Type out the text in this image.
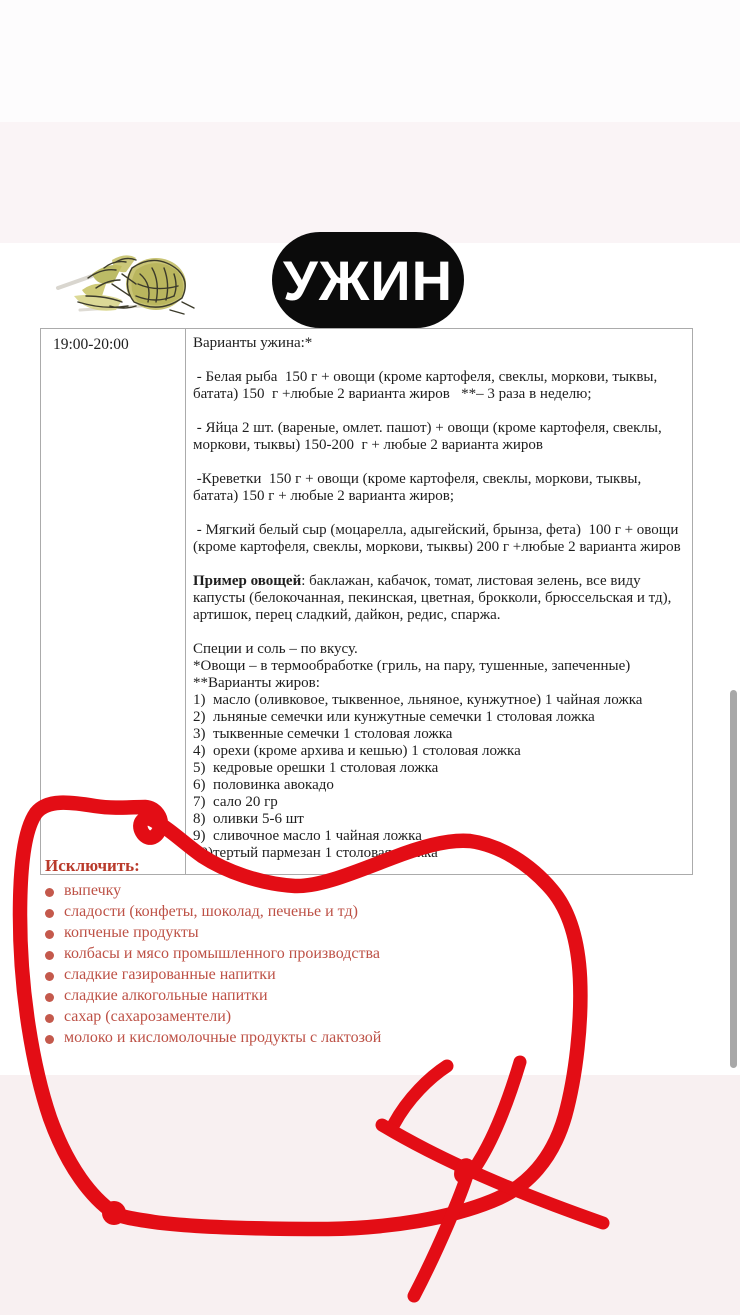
УЖИН
19:00-20:00	Варианты ужина:*

- Белая рыба  150 г + овощи (кроме картофеля, свеклы, моркови, тыквы, батата) 150  г +любые 2 варианта жиров   **– 3 раза в неделю;

- Яйца 2 шт. (вареные, омлет. пашот) + овощи (кроме картофеля, свеклы, моркови, тыквы) 150-200  г + любые 2 варианта жиров

-Креветки  150 г + овощи (кроме картофеля, свеклы, моркови, тыквы, батата) 150 г + любые 2 варианта жиров;

- Мягкий белый сыр (моцарелла, адыгейский, брынза, фета)  100 г + овощи (кроме картофеля, свеклы, моркови, тыквы) 200 г +любые 2 варианта жиров

Пример овощей: баклажан, кабачок, томат, листовая зелень, все виду капусты (белокочанная, пекинская, цветная, брокколи, брюссельская и тд), артишок, перец сладкий, дайкон, редис, спаржа.

Специи и соль – по вкусу.
*Овощи – в термообработке (гриль, на пару, тушенные, запеченные)
**Варианты жиров:
1)  масло (оливковое, тыквенное, льняное, кунжутное) 1 чайная ложка
2)  льняные семечки или кунжутные семечки 1 столовая ложка
3)  тыквенные семечки 1 столовая ложка
4)  орехи (кроме архива и кешью) 1 столовая ложка
5)  кедровые орешки 1 столовая ложка
6)  половинка авокадо
7)  сало 20 гр
8)  оливки 5-6 шт
9)  сливочное масло 1 чайная ложка
10)тертый пармезан 1 столовая  ложка
Исключить:
выпечку
сладости (конфеты, шоколад, печенье и тд)
копченые продукты
колбасы и мясо промышленного производства
сладкие газированные напитки
сладкие алкогольные напитки
сахар (сахарозаментели)
молоко и кисломолочные продукты с лактозой
